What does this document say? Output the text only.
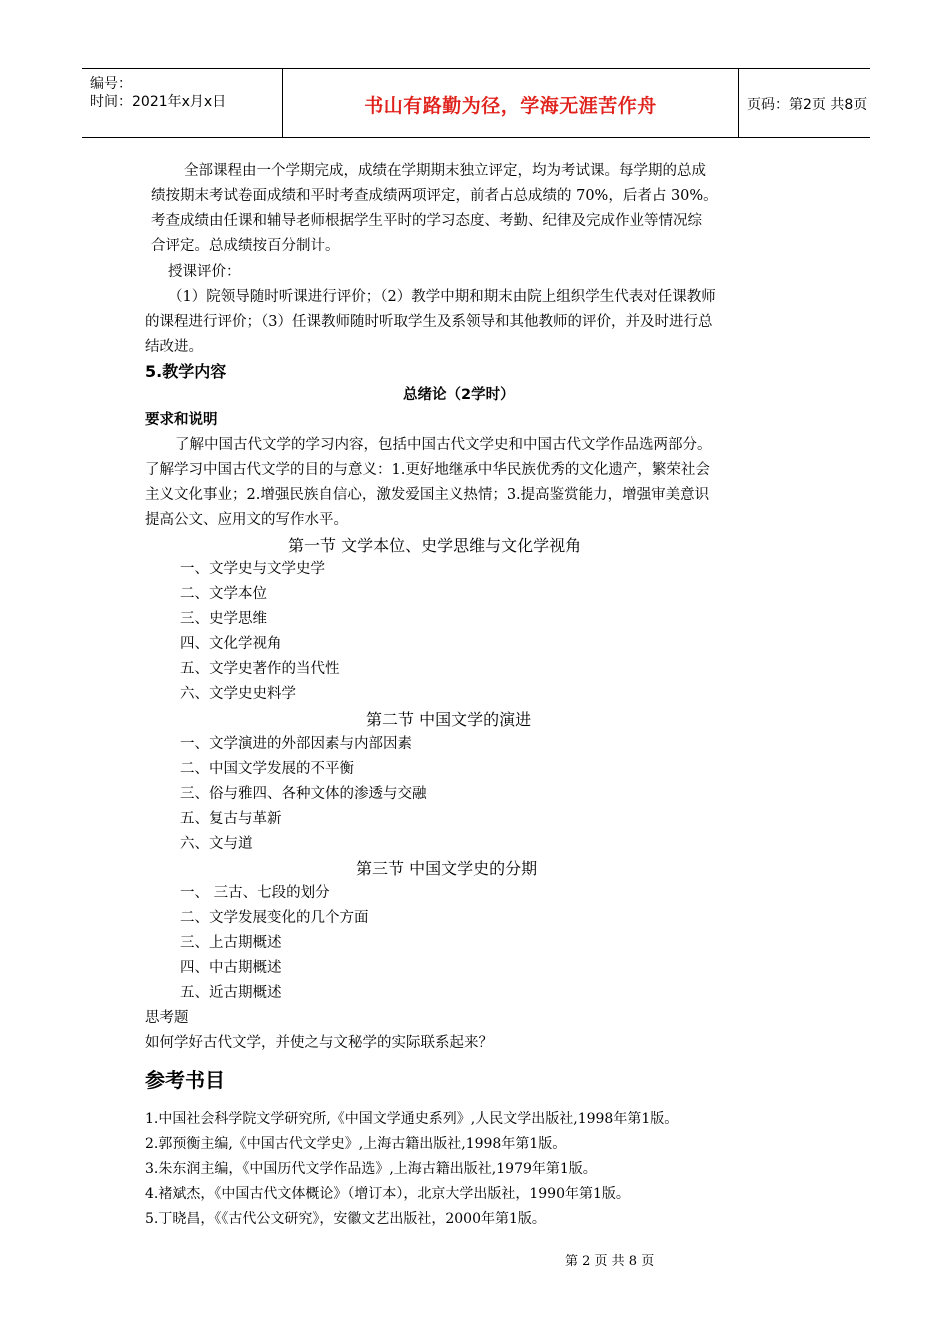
编号：
时间：2021年x月x日	书山有路勤为径，学海无涯苦作舟	页码：第2页 共8页
全部课程由一个学期完成，成绩在学期期末独立评定，均为考试课。每学期的总成
绩按期末考试卷面成绩和平时考查成绩两项评定，前者占总成绩的 70%，后者占 30%。
考查成绩由任课和辅导老师根据学生平时的学习态度、考勤、纪律及完成作业等情况综
合评定。总成绩按百分制计。
授课评价：
（1）院领导随时听课进行评价；（2）教学中期和期末由院上组织学生代表对任课教师
的课程进行评价；（3）任课教师随时听取学生及系领导和其他教师的评价，并及时进行总
结改进。
5.教学内容
总绪论（2学时）
要求和说明
了解中国古代文学的学习内容，包括中国古代文学史和中国古代文学作品选两部分。
了解学习中国古代文学的目的与意义：1.更好地继承中华民族优秀的文化遗产，繁荣社会
主义文化事业；2.增强民族自信心，激发爱国主义热情；3.提高鉴赏能力，增强审美意识
提高公文、应用文的写作水平。
第一节 文学本位、史学思维与文化学视角
一、文学史与文学史学
二、文学本位
三、史学思维
四、文化学视角
五、文学史著作的当代性
六、文学史史料学
第二节 中国文学的演进
一、文学演进的外部因素与内部因素
二、中国文学发展的不平衡
三、俗与雅四、各种文体的渗透与交融
五、复古与革新
六、文与道
第三节 中国文学史的分期
一、 三古、七段的划分
二、文学发展变化的几个方面
三、上古期概述
四、中古期概述
五、近古期概述
思考题
如何学好古代文学，并使之与文秘学的实际联系起来？
参考书目
1.中国社会科学院文学研究所,《中国文学通史系列》,人民文学出版社,1998年第1版。
2.郭预衡主编,《中国古代文学史》,上海古籍出版社,1998年第1版。
3.朱东润主编，《中国历代文学作品选》,上海古籍出版社,1979年第1版。
4.褚斌杰，《中国古代文体概论》（增订本），北京大学出版社，1990年第1版。
5.丁晓昌，《《古代公文研究》，安徽文艺出版社，2000年第1版。
第 2 页 共 8 页
